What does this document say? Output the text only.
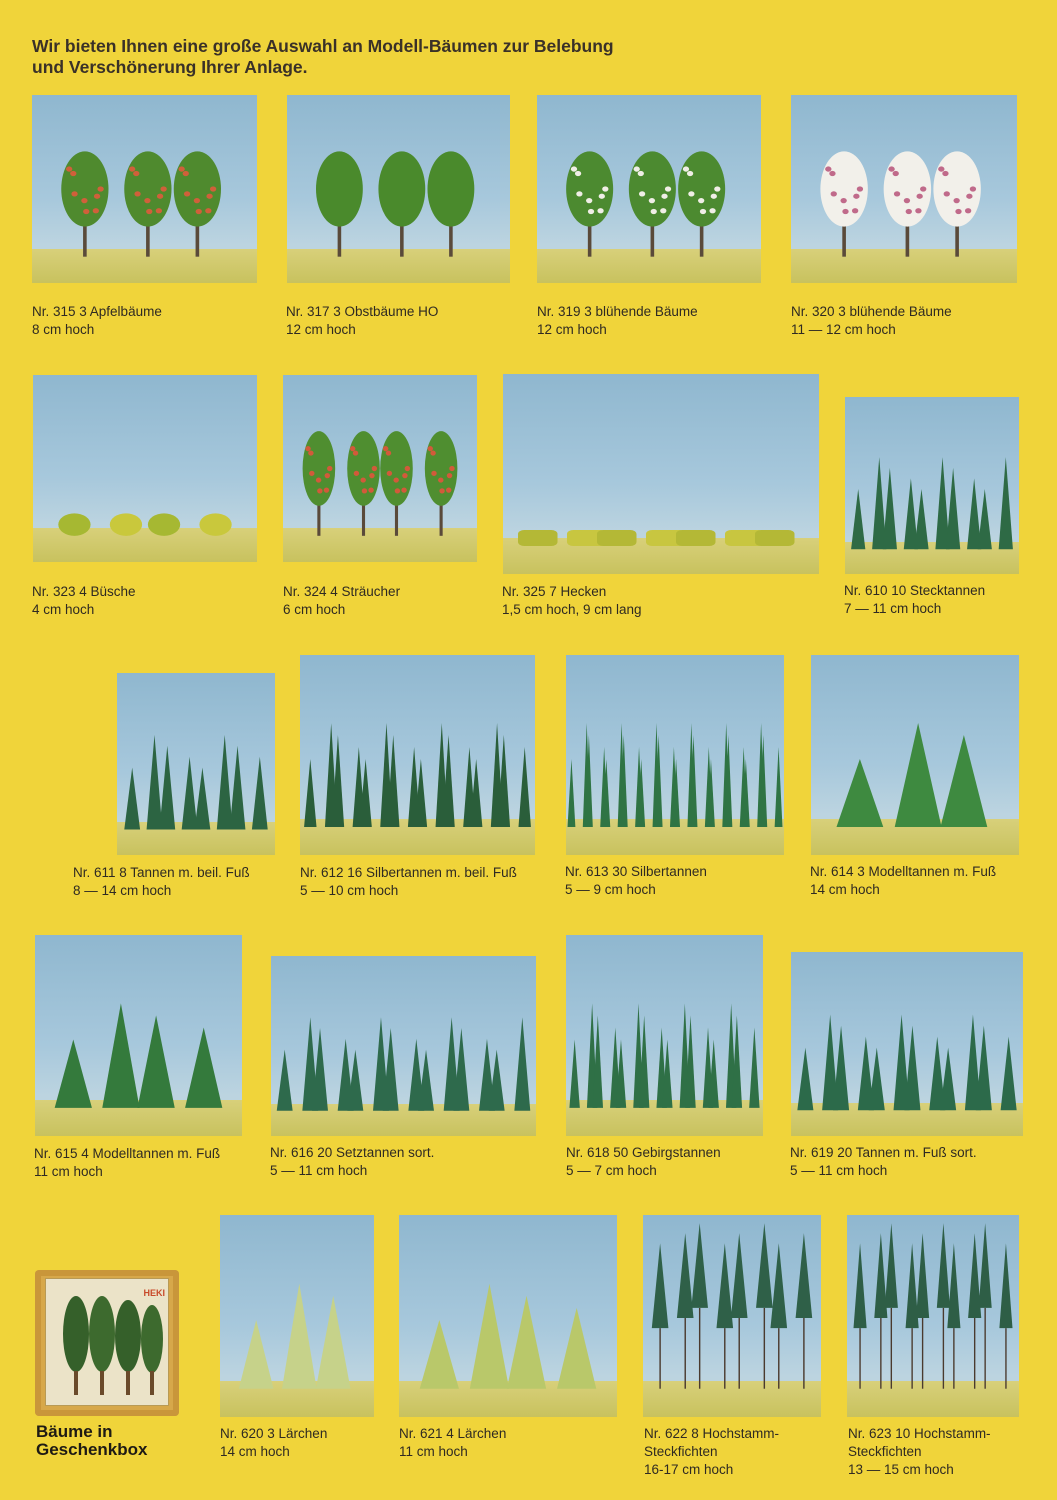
Wir bieten Ihnen eine große Auswahl an Modell-Bäumen zur Belebung
und Verschönerung Ihrer Anlage.
Nr. 315 3 Apfelbäume
8 cm hoch
Nr. 317 3 Obstbäume HO
12 cm hoch
Nr. 319 3 blühende Bäume
12 cm hoch
Nr. 320 3 blühende Bäume
11 — 12 cm hoch
Nr. 323 4 Büsche
4 cm hoch
Nr. 324 4 Sträucher
6 cm hoch
Nr. 325 7 Hecken
1,5 cm hoch, 9 cm lang
Nr. 610 10 Stecktannen
7 — 11 cm hoch
Nr. 611 8 Tannen m. beil. Fuß
8 — 14 cm hoch
Nr. 612 16 Silbertannen m. beil. Fuß
5 — 10 cm hoch
Nr. 613 30 Silbertannen
5 — 9 cm hoch
Nr. 614 3 Modelltannen m. Fuß
14 cm hoch
Nr. 615 4 Modelltannen m. Fuß
11 cm hoch
Nr. 616 20 Setztannen sort.
5 — 11 cm hoch
Nr. 618 50 Gebirgstannen
5 — 7 cm hoch
Nr. 619 20 Tannen m. Fuß sort.
5 — 11 cm hoch
HEKI
Bäume in
Geschenkbox
Nr. 620 3 Lärchen
14 cm hoch
Nr. 621 4 Lärchen
11 cm hoch
Nr. 622 8 Hochstamm-
Steckfichten
16-17 cm hoch
Nr. 623 10 Hochstamm-
Steckfichten
13 — 15 cm hoch
